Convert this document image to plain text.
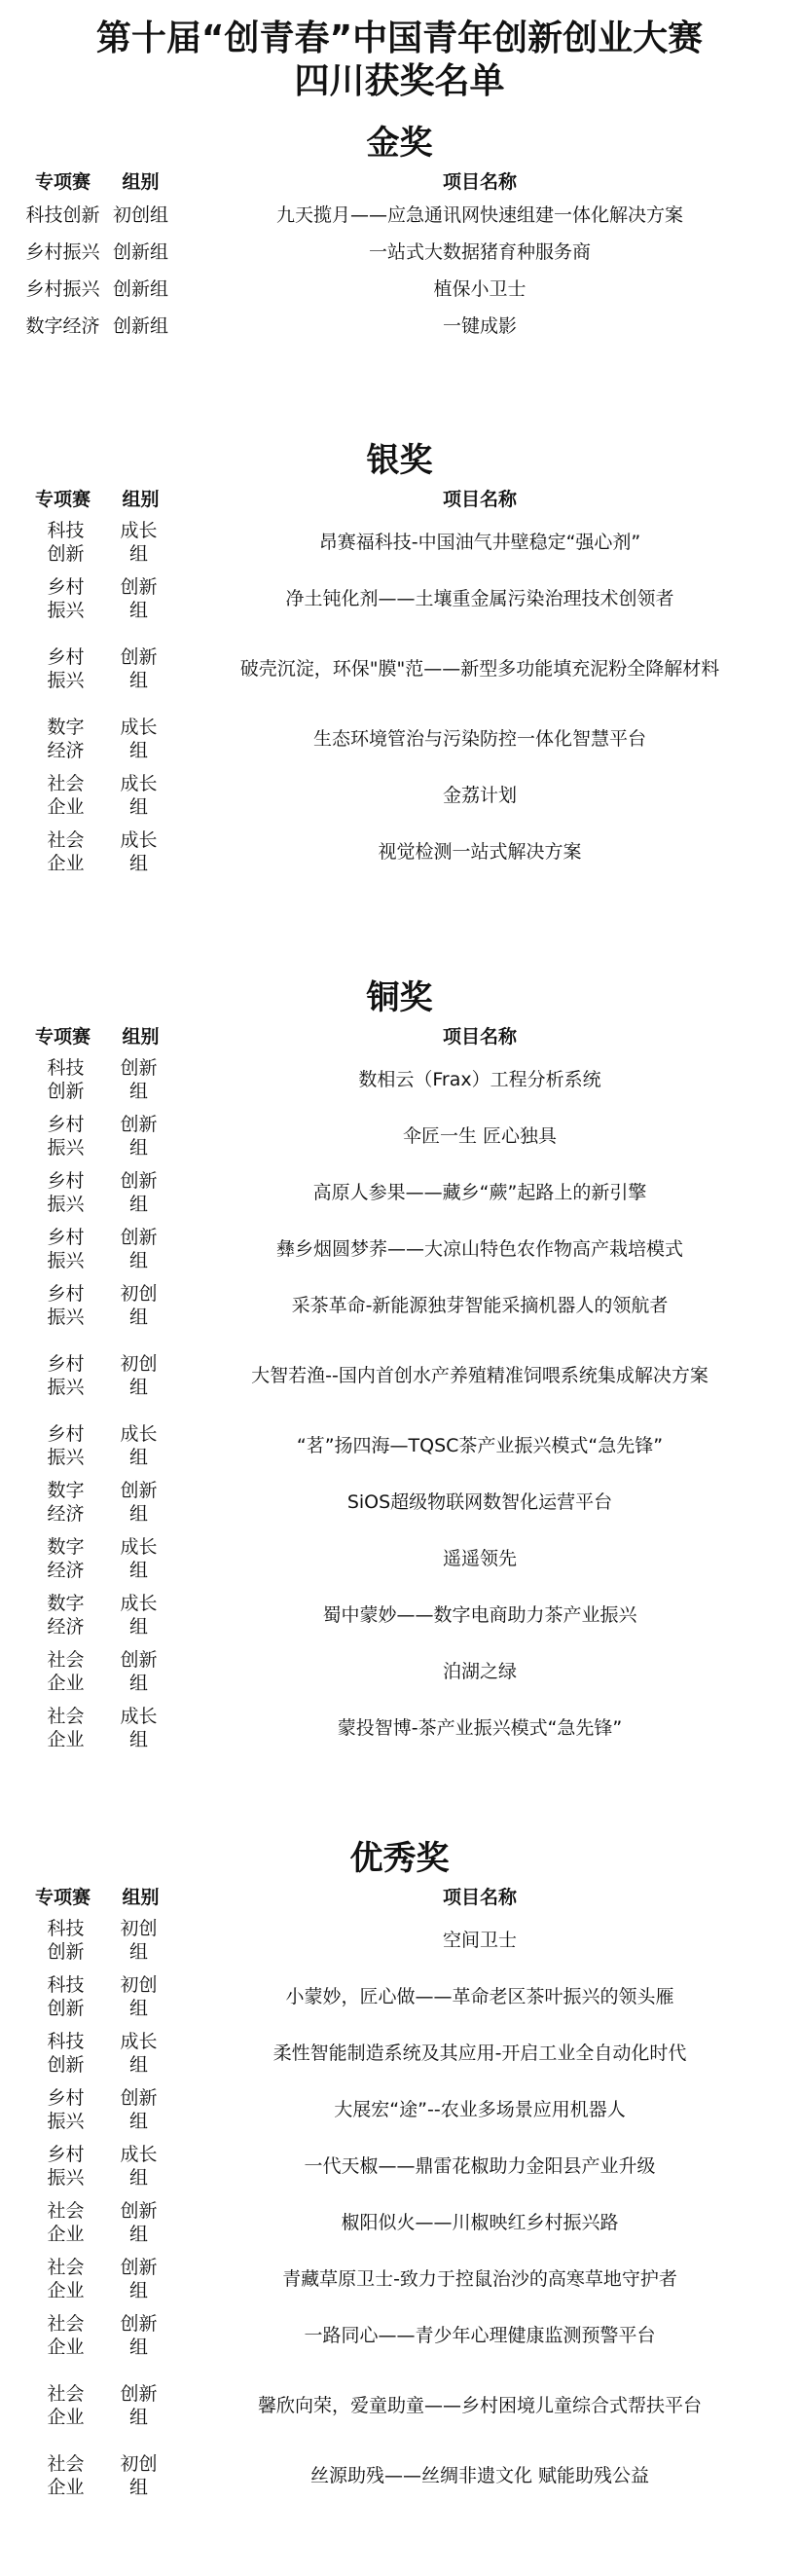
第十届“创青春”中国青年创新创业大赛
四川获奖名单
金奖
专项赛	组别	项目名称
科技创新	初创组	九天揽月——应急通讯网快速组建一体化解决方案
乡村振兴	创新组	一站式大数据猪育种服务商
乡村振兴	创新组	植保小卫士
数字经济	创新组	一键成影
银奖
专项赛	组别	项目名称
科技创新	成长组	昂赛福科技-中国油气井壁稳定“强心剂”
乡村振兴	创新组	净土钝化剂——土壤重金属污染治理技术创领者
乡村振兴	创新组	破壳沉淀，环保"膜"范——新型多功能填充泥粉全降解材料
数字经济	成长组	生态环境管治与污染防控一体化智慧平台
社会企业	成长组	金荔计划
社会企业	成长组	视觉检测一站式解决方案
铜奖
专项赛	组别	项目名称
科技创新	创新组	数相云（Frax）工程分析系统
乡村振兴	创新组	伞匠一生 匠心独具
乡村振兴	创新组	高原人参果——藏乡“蕨”起路上的新引擎
乡村振兴	创新组	彝乡烟圆梦荞——大凉山特色农作物高产栽培模式
乡村振兴	初创组	采茶革命-新能源独芽智能采摘机器人的领航者
乡村振兴	初创组	大智若渔--国内首创水产养殖精准饲喂系统集成解决方案
乡村振兴	成长组	“茗”扬四海—TQSC茶产业振兴模式“急先锋”
数字经济	创新组	SiOS超级物联网数智化运营平台
数字经济	成长组	遥遥领先
数字经济	成长组	蜀中蒙妙——数字电商助力茶产业振兴
社会企业	创新组	泊湖之绿
社会企业	成长组	蒙投智博-茶产业振兴模式“急先锋”
优秀奖
专项赛	组别	项目名称
科技创新	初创组	空间卫士
科技创新	初创组	小蒙妙，匠心做——革命老区茶叶振兴的领头雁
科技创新	成长组	柔性智能制造系统及其应用-开启工业全自动化时代
乡村振兴	创新组	大展宏“途”--农业多场景应用机器人
乡村振兴	成长组	一代天椒——鼎雷花椒助力金阳县产业升级
社会企业	创新组	椒阳似火——川椒映红乡村振兴路
社会企业	创新组	青藏草原卫士-致力于控鼠治沙的高寒草地守护者
社会企业	创新组	一路同心——青少年心理健康监测预警平台
社会企业	创新组	馨欣向荣，爱童助童——乡村困境儿童综合式帮扶平台
社会企业	初创组	丝源助残——丝绸非遗文化 赋能助残公益
